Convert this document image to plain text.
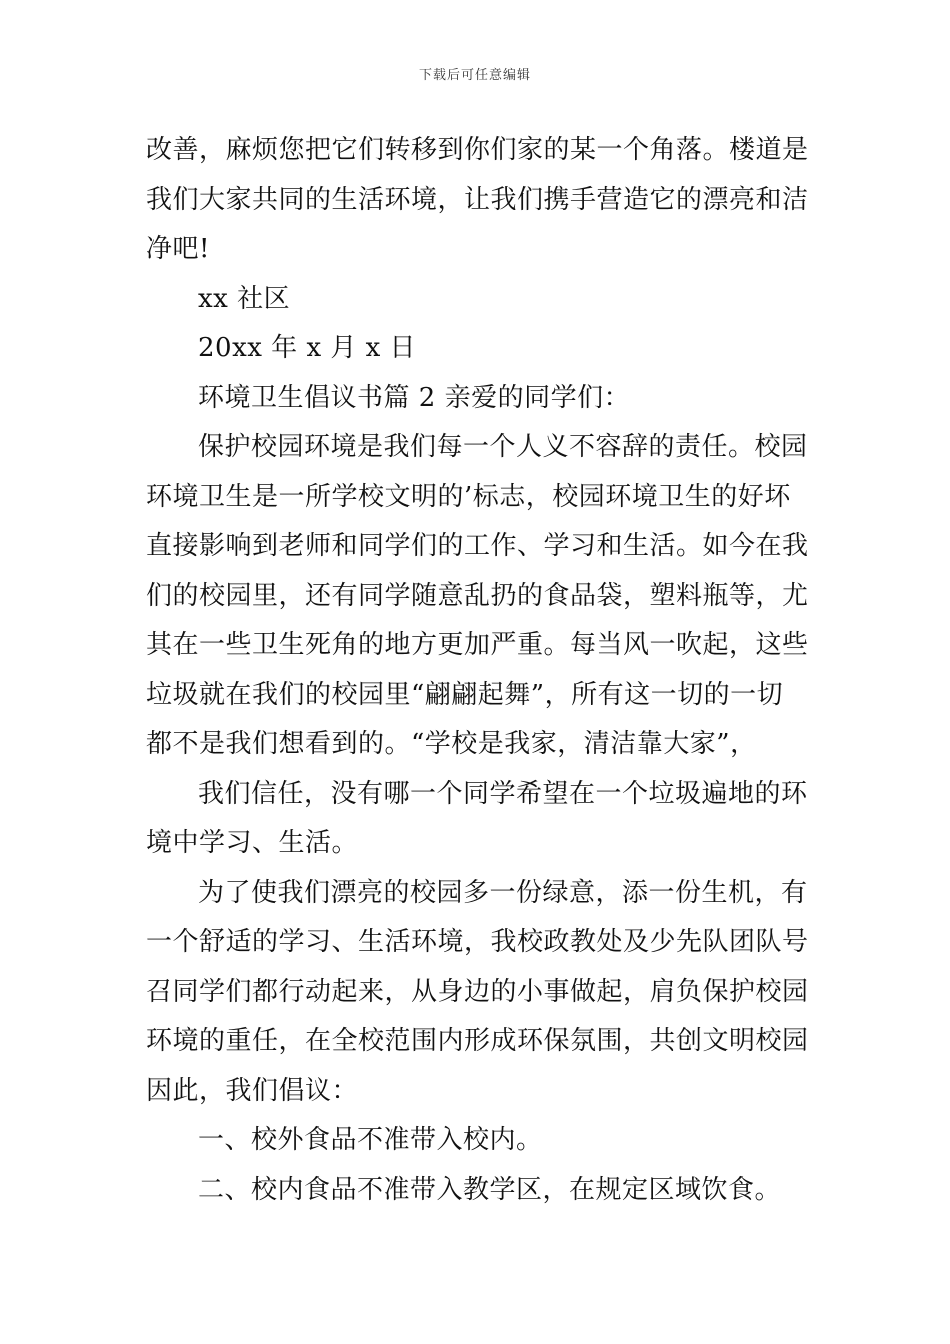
下载后可任意编辑
改善，麻烦您把它们转移到你们家的某一个角落。楼道是
我们大家共同的生活环境，让我们携手营造它的漂亮和洁
净吧!
xx 社区
20xx 年 x 月 x 日
环境卫生倡议书篇 2 亲爱的同学们：
保护校园环境是我们每一个人义不容辞的责任。校园
环境卫生是一所学校文明的’标志，校园环境卫生的好坏
直接影响到老师和同学们的工作、学习和生活。如今在我
们的校园里，还有同学随意乱扔的食品袋，塑料瓶等，尤
其在一些卫生死角的地方更加严重。每当风一吹起，这些
垃圾就在我们的校园里“翩翩起舞”，所有这一切的一切
都不是我们想看到的。“学校是我家，清洁靠大家”，
我们信任，没有哪一个同学希望在一个垃圾遍地的环
境中学习、生活。
为了使我们漂亮的校园多一份绿意，添一份生机，有
一个舒适的学习、生活环境，我校政教处及少先队团队号
召同学们都行动起来，从身边的小事做起，肩负保护校园
环境的重任，在全校范围内形成环保氛围，共创文明校园
因此，我们倡议：
一、校外食品不准带入校内。
二、校内食品不准带入教学区，在规定区域饮食。
